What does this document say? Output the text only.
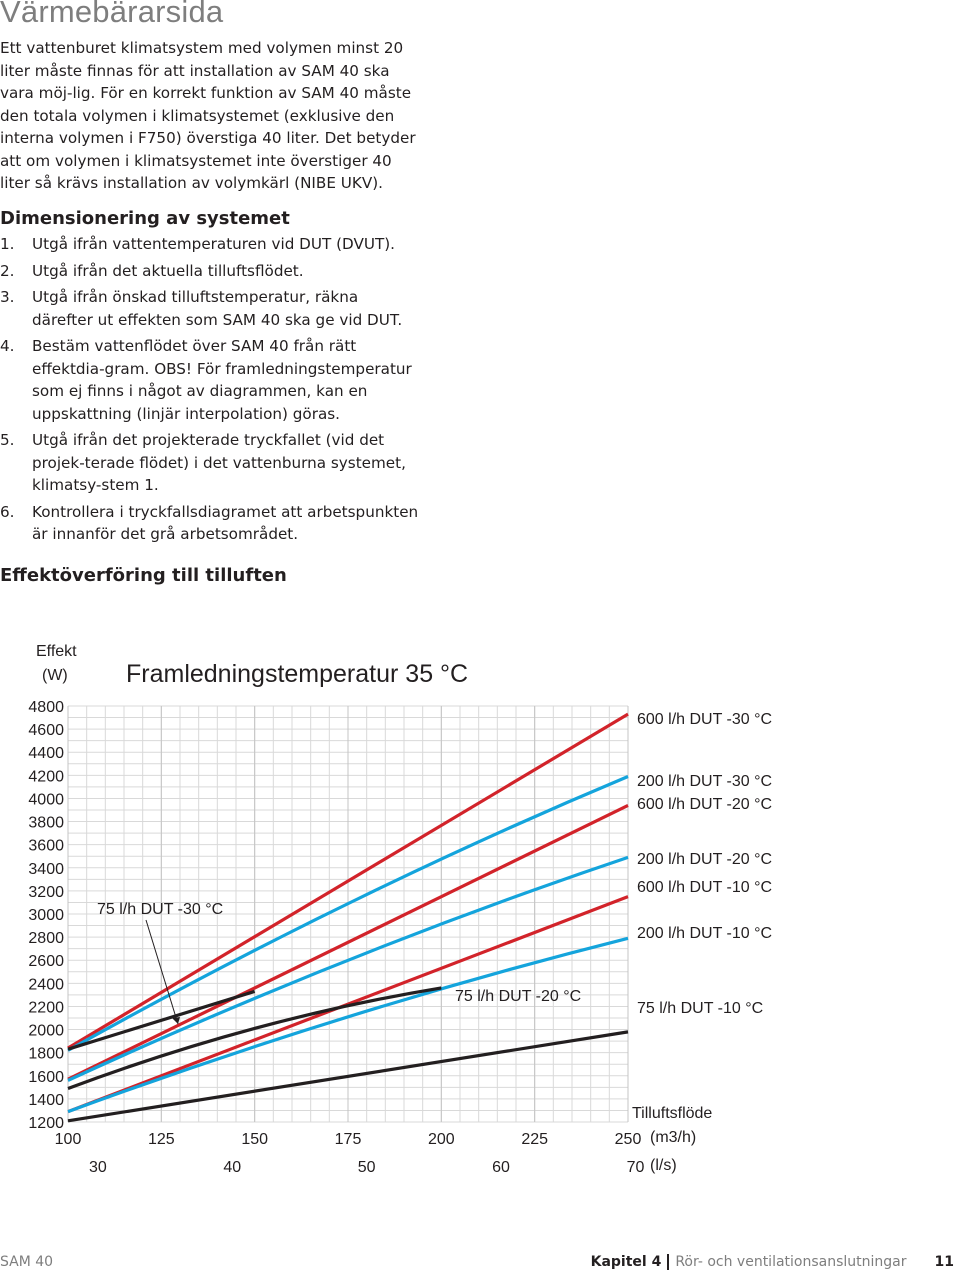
Värmebärarsida

Ett vattenburet klimatsystem med volymen minst 20 liter måste finnas för att installation av SAM 40 ska vara möj-lig. För en korrekt funktion av SAM 40 måste den totala volymen i klimatsystemet (exklusive den interna volymen i F750) överstiga 40 liter. Det betyder att om volymen i klimatsystemet inte överstiger 40 liter så krävs installation av volymkärl (NIBE UKV).

Dimensionering av systemet
1. Utgå ifrån vattentemperaturen vid DUT (DVUT).
2. Utgå ifrån det aktuella tilluftsflödet.
3. Utgå ifrån önskad tilluftstemperatur, räkna därefter ut effekten som SAM 40 ska ge vid DUT.
4. Bestäm vattenflödet över SAM 40 från rätt effektdia-gram. OBS! För framledningstemperatur som ej finns i något av diagrammen, kan en uppskattning (linjär interpolation) göras.
5. Utgå ifrån det projekterade tryckfallet (vid det projek-terade flödet) i det vattenburna systemet, klimatsy-stem 1.
6. Kontrollera i tryckfallsdiagramet att arbetspunkten är innanför det grå arbetsområdet.
Effektöverföring till tilluften
1200
1400
1600
1800
2000
2200
2400
2600
2800
3000
3200
3400
3600
3800
4000
4200
4400
4600
4800
100	125	150	175	200	225	250
30	40	50	60	70
600 l/h DUT -30 °C
200 l/h DUT -30 °C
600 l/h DUT -20 °C
200 l/h DUT -20 °C
600 l/h DUT -10 °C
200 l/h DUT -10 °C
75 l/h DUT -10 °C
75 l/h DUT -20 °C
75 l/h DUT -30 °C
Effekt
(W) Framledningstemperatur 35 °C
Tilluftsflöde
(m3/h)
(l/s)
SAM 40	Kapitel 4 Rör- och ventilationsanslutningar 11
